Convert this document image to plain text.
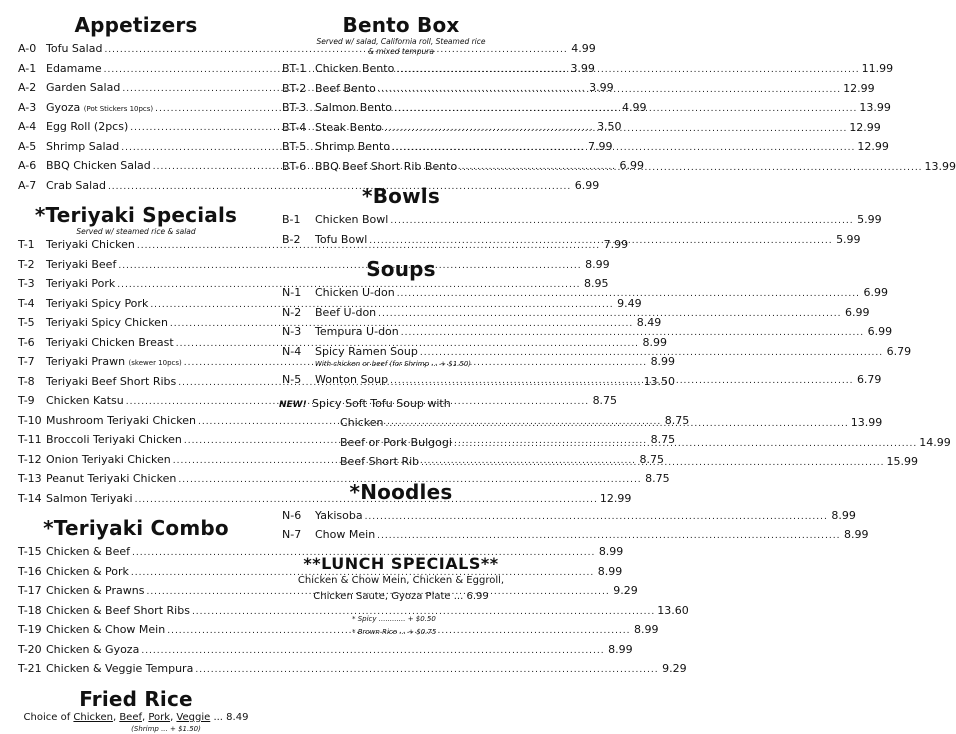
Appetizers
A-0 Tofu Salad .....	4.99
A-1 Edamame .....	3.99
A-2 Garden Salad .....	3.99
A-3 Gyoza
(Pot Stickers 10pcs) .....	4.99
A-4 Egg Roll (2pcs) .....	3.50
A-5 Shrimp Salad .....	7.99
A-6 BBQ Chicken Salad .....	6.99
A-7 Crab Salad .....	6.99
*Teriyaki Specials
Served w/ steamed rice & salad
T-1	Teriyaki Chicken .....	7.99
T-2	Teriyaki Beef .....	8.99
T-3	Teriyaki Pork .....	8.95
T-4	Teriyaki Spicy Pork .....	9.49
T-5	Teriyaki Spicy Chicken .....	8.49
T-6	Teriyaki Chicken Breast .....	8.99
T-7	Teriyaki Prawn
(skewer 10pcs) .....	8.99
T-8	Teriyaki Beef Short Ribs .....	13.50
T-9	Chicken Katsu .....	8.75
T-10 Mushroom Teriyaki Chicken .....	8.75
T-11 Broccoli Teriyaki Chicken .....	8.75
T-12 Onion Teriyaki Chicken .....	8.75
T-13 Peanut Teriyaki Chicken .....	8.75
T-14 Salmon Teriyaki .....	12.99
*Teriyaki Combo
T-15 Chicken & Beef .....	8.99
T-16 Chicken & Pork .....	8.99
T-17 Chicken & Prawns .....	9.29
T-18 Chicken & Beef Short Ribs .....	13.60
T-19 Chicken & Chow Mein .....	8.99
T-20 Chicken & Gyoza .....	8.99
T-21 Chicken & Veggie Tempura .....	9.29
Fried Rice
Choice of Chicken, Beef, Pork, Veggie ... 8.49
(Shrimp ... + $1.50)
Bento Box
Served w/ salad, California roll, Steamed rice
& mixed tempura
BT-1 Chicken Bento .....	11.99
BT-2 Beef Bento .....	12.99
BT-3 Salmon Bento .....	13.99
BT-4 Steak Bento .....	12.99
BT-5 Shrimp Bento .....	12.99
BT-6 BBQ Beef Short Rib Bento .....	13.99
*Bowls
B-1	Chicken Bowl .....	5.99
B-2	Tofu Bowl .....	5.99
Soups
N-1	Chicken U-don .....	6.99
N-2	Beef U-don .....	6.99
N-3	Tempura U-don .....	6.99
N-4	Spicy Ramen Soup .....	6.79
With chicken or beef (for Shrimp ... + $1.50)
N-5	Wonton Soup .....	6.79
NEW! Spicy Soft Tofu Soup with
Chicken .....	13.99
Beef or Pork Bulgogi .....	14.99
Beef Short Rib .....	15.99
*Noodles
N-6	Yakisoba .....	8.99
N-7	Chow Mein .....	8.99
**LUNCH SPECIALS**
Chicken & Chow Mein, Chicken & Eggroll,
Chicken Saute, Gyoza Plate ... 6.99
* Spicy ............ + $0.50
* Brown Rice ... + $0.75
